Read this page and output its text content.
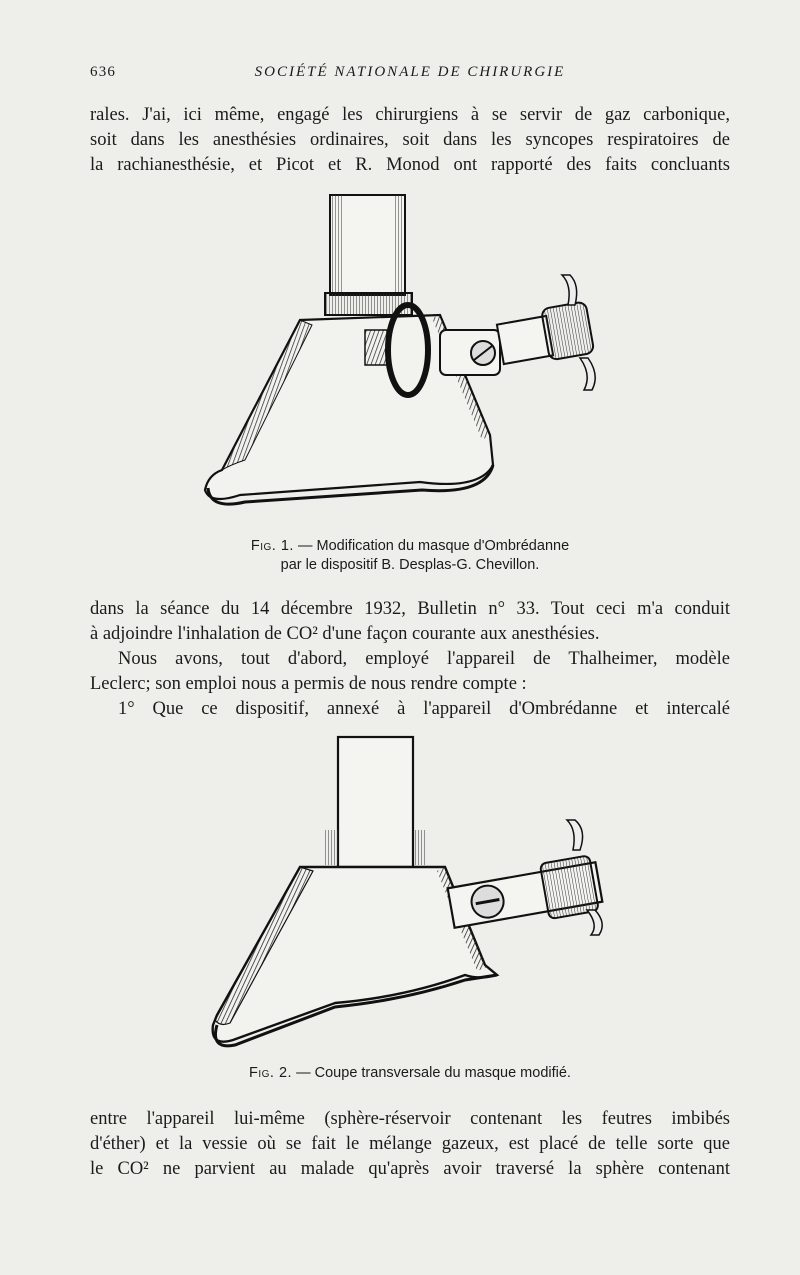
636	SOCIÉTÉ NATIONALE DE CHIRURGIE
rales. J'ai, ici même, engagé les chirurgiens à se servir de gaz carbonique,
soit dans les anesthésies ordinaires, soit dans les syncopes respiratoires de
la rachianesthésie, et Picot et R. Monod ont rapporté des faits concluants
Fig. 1. — Modification du masque d'Ombrédanne
par le dispositif B. Desplas-G. Chevillon.
dans la séance du 14 décembre 1932, Bulletin n° 33. Tout ceci m'a conduit
à adjoindre l'inhalation de CO² d'une façon courante aux anesthésies.
Nous avons, tout d'abord, employé l'appareil de Thalheimer, modèle
Leclerc; son emploi nous a permis de nous rendre compte :
1° Que ce dispositif, annexé à l'appareil d'Ombrédanne et intercalé
Fig. 2. — Coupe transversale du masque modifié.
entre l'appareil lui-même (sphère-réservoir contenant les feutres imbibés
d'éther) et la vessie où se fait le mélange gazeux, est placé de telle sorte que
le CO² ne parvient au malade qu'après avoir traversé la sphère contenant
